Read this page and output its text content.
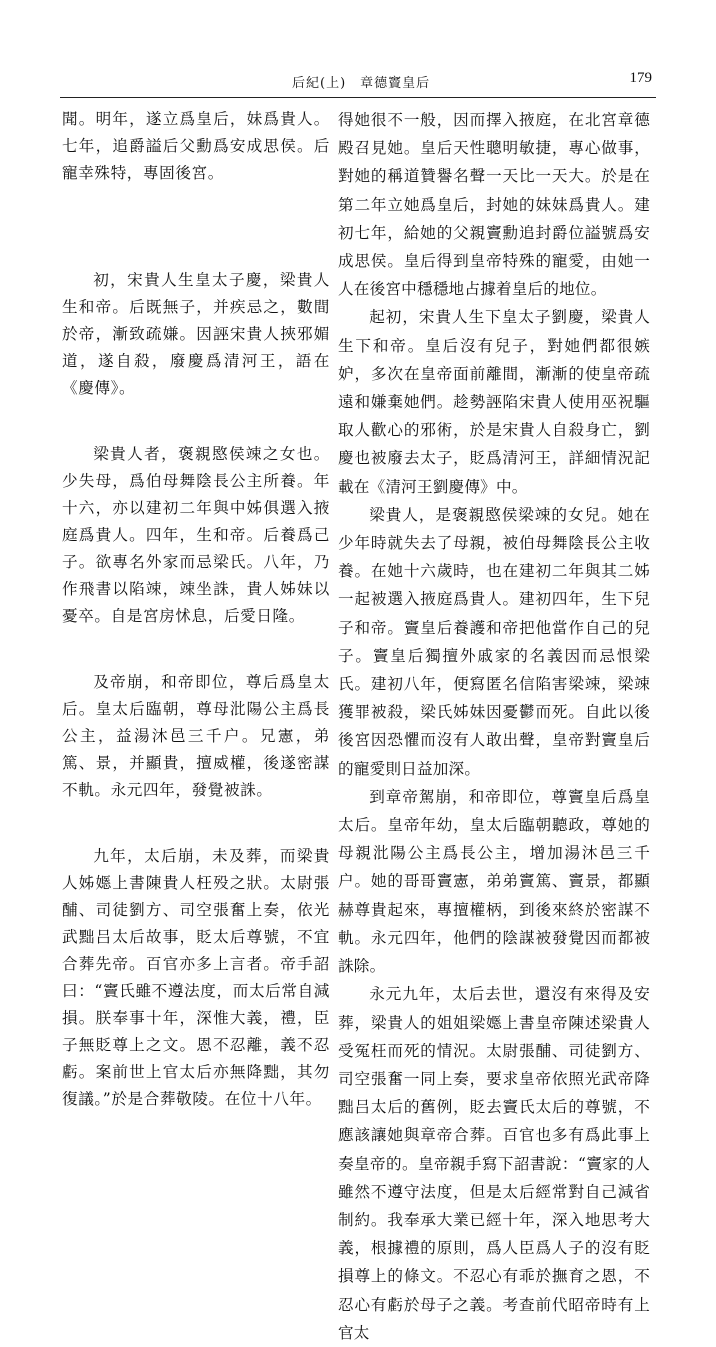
后紀(上)　章德竇皇后	179

聞。明年，遂立爲皇后，妹爲貴人。七年，追爵謚后父勳爲安成思侯。后寵幸殊特，專固後宮。

初，宋貴人生皇太子慶，梁貴人生和帝。后既無子，并疾忌之，數間於帝，漸致疏嫌。因誣宋貴人挾邪媚道，遂自殺，廢慶爲清河王，語在《慶傳》。

梁貴人者，褒親愍侯竦之女也。少失母，爲伯母舞陰長公主所養。年十六，亦以建初二年與中姊俱選入掖庭爲貴人。四年，生和帝。后養爲己子。欲專名外家而忌梁氏。八年，乃作飛書以陷竦，竦坐誅，貴人姊妹以憂卒。自是宮房怵息，后愛日隆。

及帝崩，和帝即位，尊后爲皇太后。皇太后臨朝，尊母沘陽公主爲長公主，益湯沐邑三千户。兄憲，弟篤、景，并顯貴，擅威權，後遂密謀不軌。永元四年，發覺被誅。

九年，太后崩，未及葬，而梁貴人姊嫕上書陳貴人枉殁之狀。太尉張酺、司徒劉方、司空張奮上奏，依光武黜吕太后故事，貶太后尊號，不宜合葬先帝。百官亦多上言者。帝手詔曰：“竇氏雖不遵法度，而太后常自減損。朕奉事十年，深惟大義，禮，臣子無貶尊上之文。恩不忍離，義不忍虧。案前世上官太后亦無降黜，其勿復議。”於是合葬敬陵。在位十八年。

得她很不一般，因而擇入掖庭，在北宮章德殿召見她。皇后天性聰明敏捷，專心做事，對她的稱道贊譽名聲一天比一天大。於是在第二年立她爲皇后，封她的妹妹爲貴人。建初七年，給她的父親竇勳追封爵位謚號爲安成思侯。皇后得到皇帝特殊的寵愛，由她一人在後宮中穩穩地占據着皇后的地位。

起初，宋貴人生下皇太子劉慶，梁貴人生下和帝。皇后沒有兒子，對她們都很嫉妒，多次在皇帝面前離間，漸漸的使皇帝疏遠和嫌棄她們。趁勢誣陷宋貴人使用巫祝驅取人歡心的邪術，於是宋貴人自殺身亡，劉慶也被廢去太子，貶爲清河王，詳細情況記載在《清河王劉慶傳》中。

梁貴人，是褒親愍侯梁竦的女兒。她在少年時就失去了母親，被伯母舞陰長公主收養。在她十六歲時，也在建初二年與其二姊一起被選入掖庭爲貴人。建初四年，生下兒子和帝。竇皇后養護和帝把他當作自己的兒子。竇皇后獨擅外戚家的名義因而忌恨梁氏。建初八年，便寫匿名信陷害梁竦，梁竦獲罪被殺，梁氏姊妹因憂鬱而死。自此以後後宮因恐懼而沒有人敢出聲，皇帝對竇皇后的寵愛則日益加深。

到章帝駕崩，和帝即位，尊竇皇后爲皇太后。皇帝年幼，皇太后臨朝聽政，尊她的母親沘陽公主爲長公主，增加湯沐邑三千户。她的哥哥竇憲，弟弟竇篤、竇景，都顯赫尊貴起來，專擅權柄，到後來終於密謀不軌。永元四年，他們的陰謀被發覺因而都被誅除。

永元九年，太后去世，還沒有來得及安葬，梁貴人的姐姐梁嫕上書皇帝陳述梁貴人受冤枉而死的情況。太尉張酺、司徒劉方、司空張奮一同上奏，要求皇帝依照光武帝降黜吕太后的舊例，貶去竇氏太后的尊號，不應該讓她與章帝合葬。百官也多有爲此事上奏皇帝的。皇帝親手寫下詔書說：“竇家的人雖然不遵守法度，但是太后經常對自己減省制約。我奉承大業已經十年，深入地思考大義，根據禮的原則，爲人臣爲人子的沒有貶損尊上的條文。不忍心有乖於撫育之恩，不忍心有虧於母子之義。考查前代昭帝時有上官太
